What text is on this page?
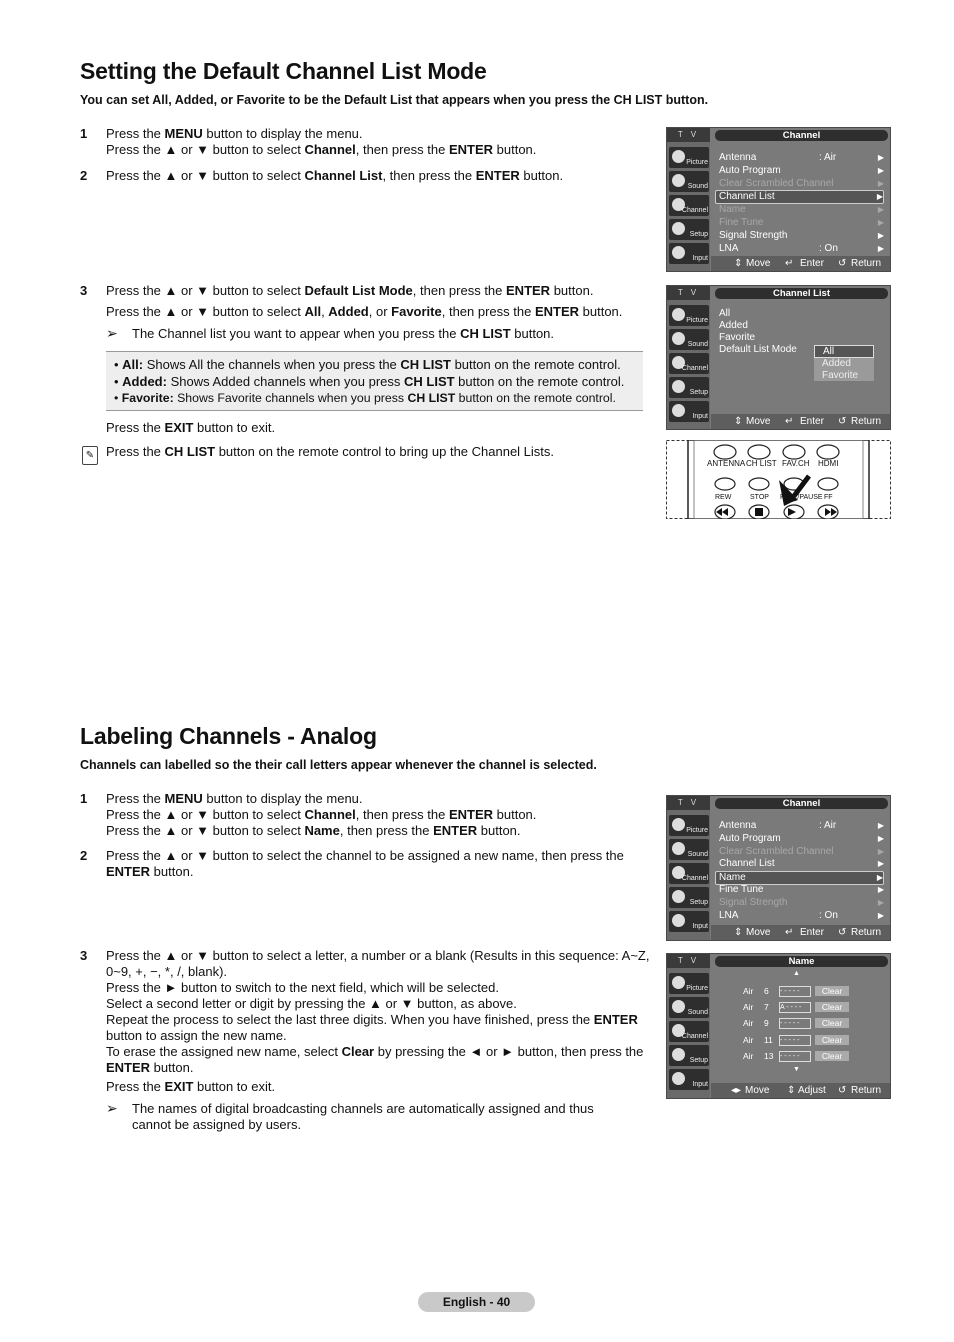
Setting the Default Channel List Mode
You can set All, Added, or Favorite to be the Default List that appears when you press the CH LIST button.
1 Press the MENU button to display the menu.
Press the ▲ or ▼ button to select Channel, then press the ENTER button.
2 Press the ▲ or ▼ button to select Channel List, then press the ENTER button.
3 Press the ▲ or ▼ button to select Default List Mode, then press the ENTER button.

Press the ▲ or ▼ button to select All, Added, or Favorite, then press the ENTER button.
➢ The Channel list you want to appear when you press the CH LIST button.
• All: Shows All the channels when you press the CH LIST button on the remote control.
• Added: Shows Added channels when you press CH LIST button on the remote control.
• Favorite: Shows Favorite channels when you press CH LIST button on the remote control.
Press the EXIT button to exit.
✎ Press the CH LIST button on the remote control to bring up the Channel Lists.
T V
Picture
Sound
Channel
Setup
Input
Channel
Antenna	: Air	▶
Auto Program	▶
Clear Scrambled Channel	▶
Channel List	▶
Name	▶
Fine Tune	▶
Signal Strength	▶
LNA	: On	▶
⇕ Move ↵ Enter ↺ Return
T V
Picture
Sound
Channel
Setup
Input
Channel List
All
Added
Favorite
Default List Mode	All
Added
Favorite
⇕ Move ↵ Enter ↺ Return
ANTENNA CH LIST FAV.CH HDMI
REW	STOP PLAY/PAUSE FF
Labeling Channels - Analog
Channels can labelled so the their call letters appear whenever the channel is selected.
1 Press the MENU button to display the menu.
Press the ▲ or ▼ button to select Channel, then press the ENTER button.
Press the ▲ or ▼ button to select Name, then press the ENTER button.
2 Press the ▲ or ▼ button to select the channel to be assigned a new name, then press the ENTER button.
3 Press the ▲ or ▼ button to select a letter, a number or a blank (Results in this sequence: A~Z, 0~9, +, −, *, /, blank).
Press the ► button to switch to the next field, which will be selected.
Select a second letter or digit by pressing the ▲ or ▼ button, as above.
Repeat the process to select the last three digits. When you have finished, press the ENTER button to assign the new name.
To erase the assigned new name, select Clear by pressing the ◄ or ► button, then press the ENTER button.
Press the EXIT button to exit.
➢ The names of digital broadcasting channels are automatically assigned and thus cannot be assigned by users.
T V
Picture
Sound
Channel
Setup
Input
Channel
Antenna	: Air	▶
Auto Program	▶
Clear Scrambled Channel	▶
Channel List	▶
Name	▶
Fine Tune	▶
Signal Strength	▶
LNA	: On	▶
⇕ Move ↵ Enter ↺ Return
T V
Picture
Sound
Channel
Setup
Input
Name
▲
Air 6 - - - - -	Clear
Air 7 A - - - -	Clear
Air 9 - - - - -	Clear
Air 11 - - - - -	Clear
Air 13 - - - - -	Clear
▼
◂▸ Move ⇕ Adjust ↺ Return
English - 40
